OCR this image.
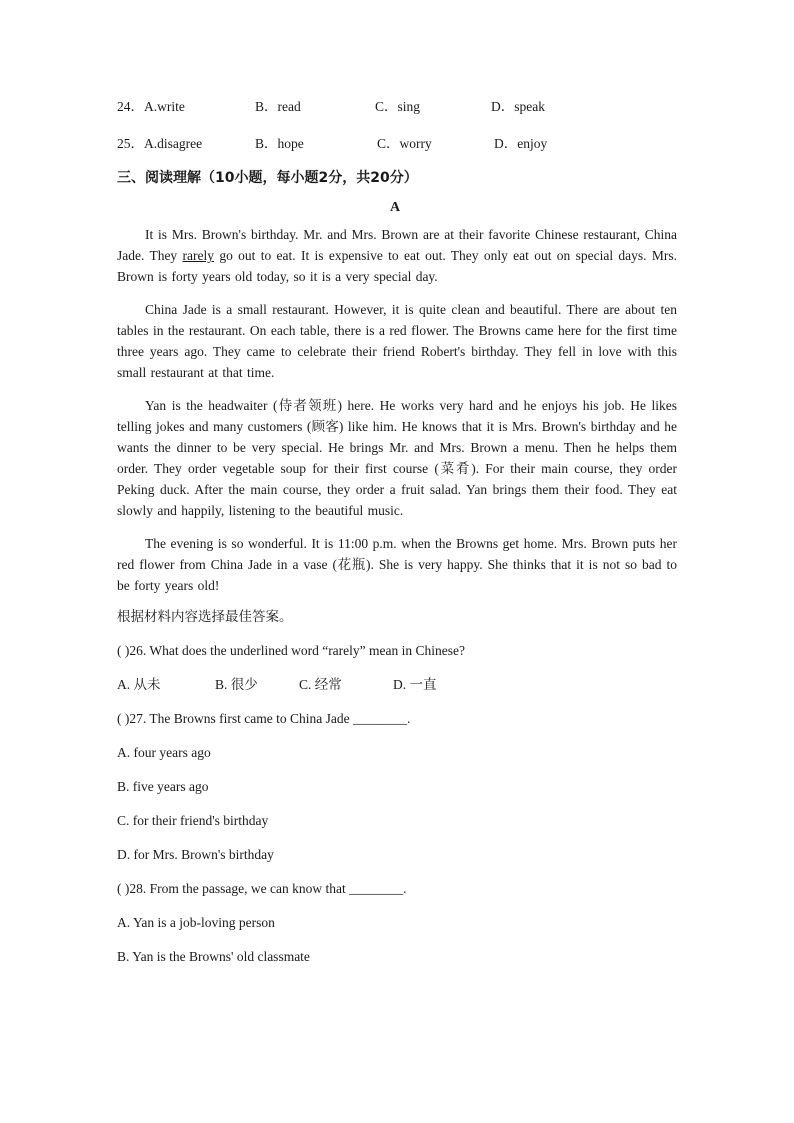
24．A.write	B．read	C．sing	D．speak
25．A.disagree	B．hope	C．worry	D．enjoy
三、阅读理解（10小题，每小题2分，共20分）
A

It is Mrs. Brown's birthday. Mr. and Mrs. Brown are at their favorite Chinese restaurant, China Jade. They rarely go out to eat. It is expensive to eat out. They only eat out on special days. Mrs. Brown is forty years old today, so it is a very special day.

China Jade is a small restaurant. However, it is quite clean and beautiful. There are about ten tables in the restaurant. On each table, there is a red flower. The Browns came here for the first time three years ago. They came to celebrate their friend Robert's birthday. They fell in love with this small restaurant at that time.

Yan is the headwaiter (侍者领班) here. He works very hard and he enjoys his job. He likes telling jokes and many customers (顾客) like him. He knows that it is Mrs. Brown's birthday and he wants the dinner to be very special. He brings Mr. and Mrs. Brown a menu. Then he helps them order. They order vegetable soup for their first course (菜肴). For their main course, they order Peking duck. After the main course, they order a fruit salad. Yan brings them their food. They eat slowly and happily, listening to the beautiful music.

The evening is so wonderful. It is 11:00 p.m. when the Browns get home. Mrs. Brown puts her red flower from China Jade in a vase (花瓶). She is very happy. She thinks that it is not so bad to be forty years old!

根据材料内容选择最佳答案。
( )26. What does the underlined word “rarely” mean in Chinese?
A. 从未	B. 很少	C. 经常	D. 一直
( )27. The Browns first came to China Jade ________.
A. four years ago
B. five years ago
C. for their friend's birthday
D. for Mrs. Brown's birthday
( )28. From the passage, we can know that ________.
A. Yan is a job-loving person
B. Yan is the Browns' old classmate
